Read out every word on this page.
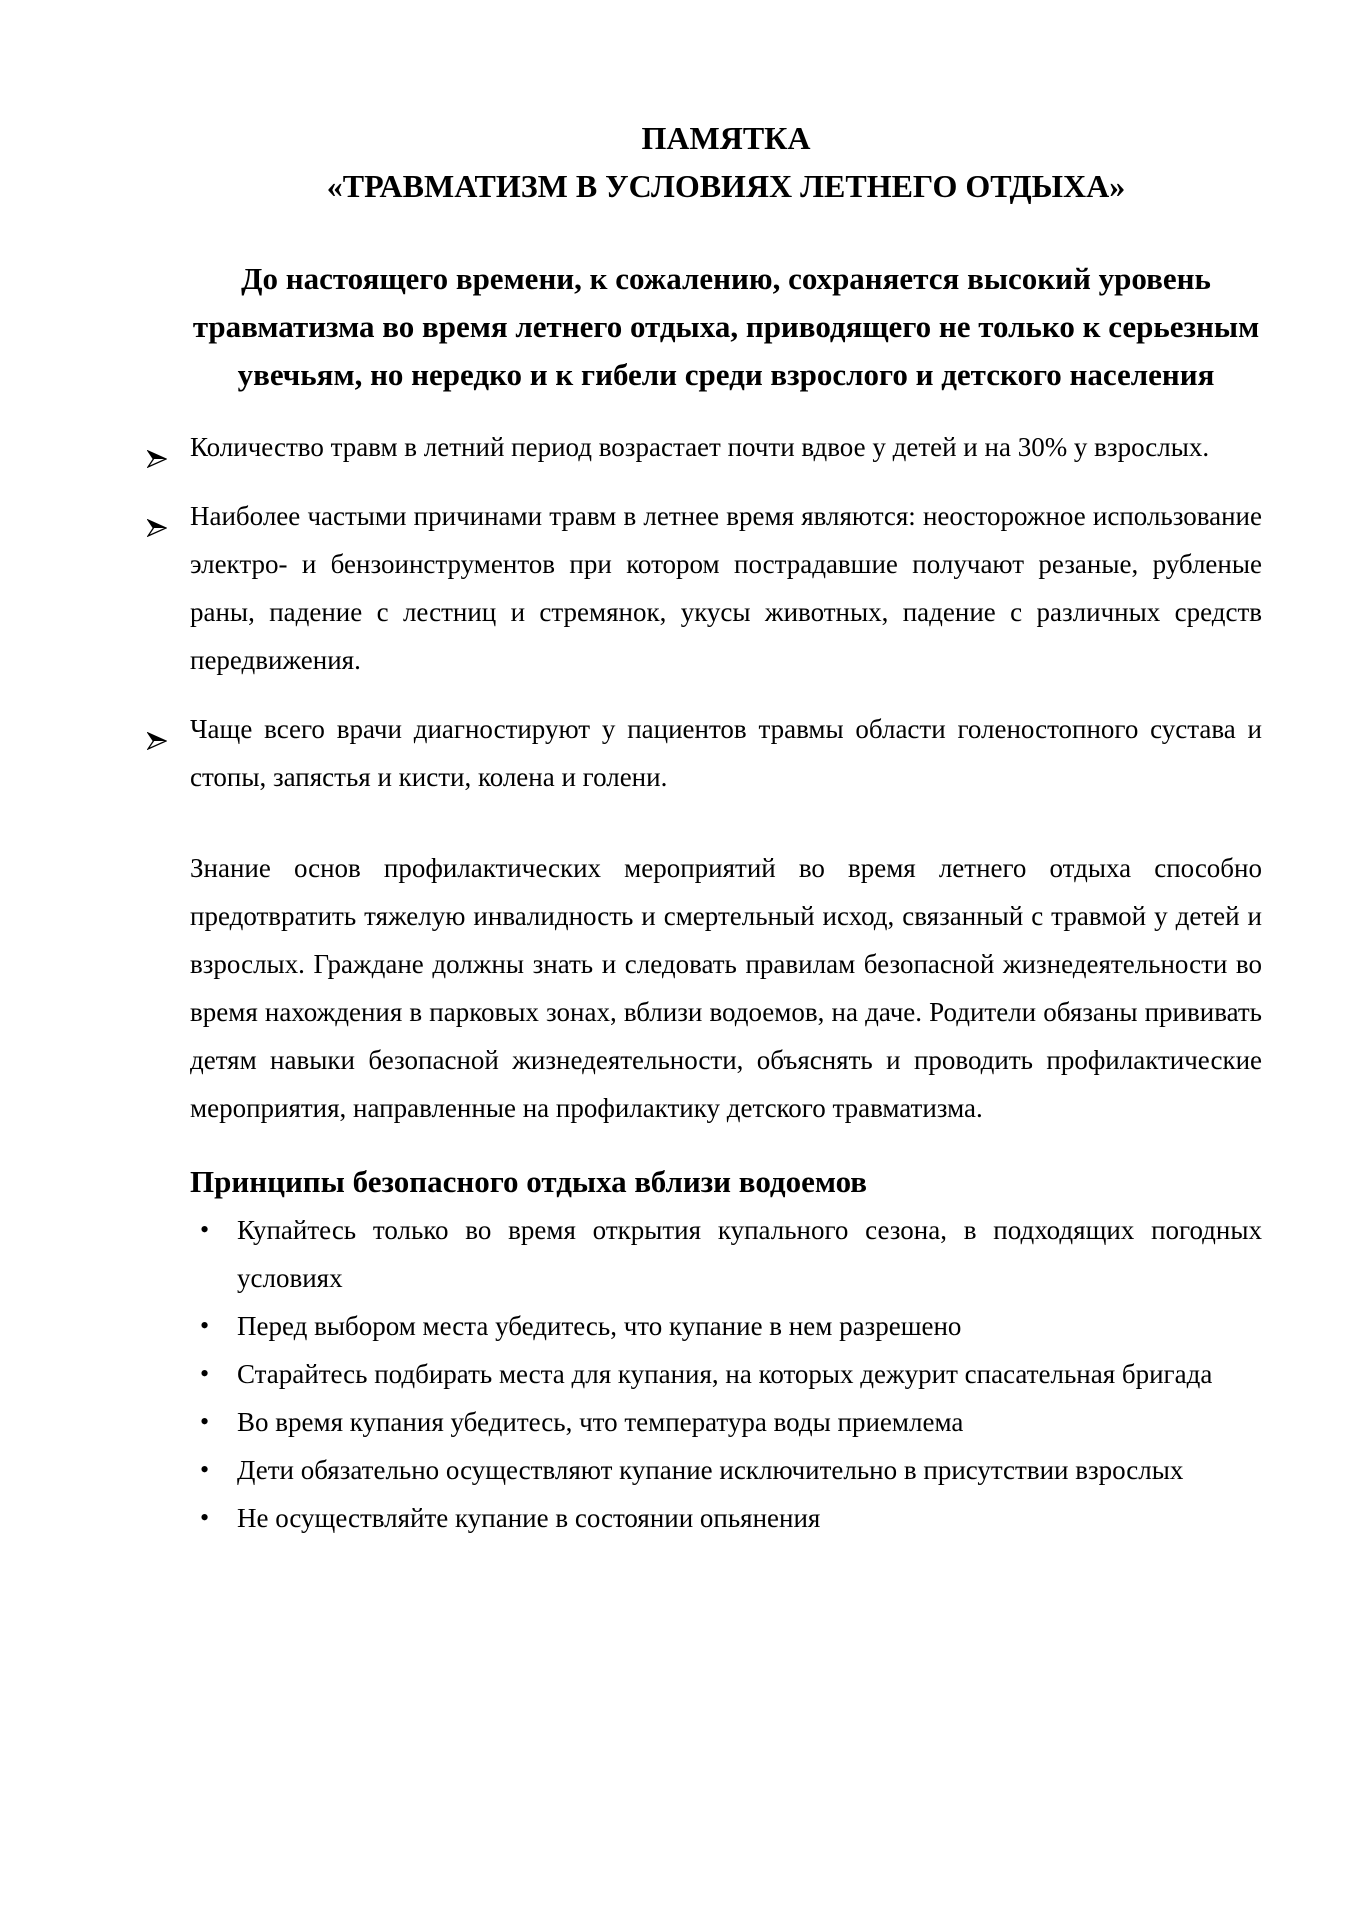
ПАМЯТКА
«ТРАВМАТИЗМ В УСЛОВИЯХ ЛЕТНЕГО ОТДЫХА»

До настоящего времени, к сожалению, сохраняется высокий уровень травматизма во время летнего отдыха, приводящего не только к серьезным увечьям, но нередко и к гибели среди взрослого и детского населения

Количество травм в летний период возрастает почти вдвое у детей и на 30% у взрослых.
Наиболее частыми причинами травм в летнее время являются: неосторожное использование электро- и бензоинструментов при котором пострадавшие получают резаные, рубленые раны, падение с лестниц и стремянок, укусы животных, падение с различных средств передвижения.
Чаще всего врачи диагностируют у пациентов травмы области голеностопного сустава и стопы, запястья и кисти, колена и голени.

Знание основ профилактических мероприятий во время летнего отдыха способно предотвратить тяжелую инвалидность и смертельный исход, связанный с травмой у детей и взрослых. Граждане должны знать и следовать правилам безопасной жизнедеятельности во время нахождения в парковых зонах, вблизи водоемов, на даче. Родители обязаны прививать детям навыки безопасной жизнедеятельности, объяснять и проводить профилактические мероприятия, направленные на профилактику детского травматизма.

Принципы безопасного отдыха вблизи водоемов
• Купайтесь только во время открытия купального сезона, в подходящих погодных условиях
• Перед выбором места убедитесь, что купание в нем разрешено
• Старайтесь подбирать места для купания, на которых дежурит спасательная бригада
• Во время купания убедитесь, что температура воды приемлема
• Дети обязательно осуществляют купание исключительно в присутствии взрослых
• Не осуществляйте купание в состоянии опьянения
